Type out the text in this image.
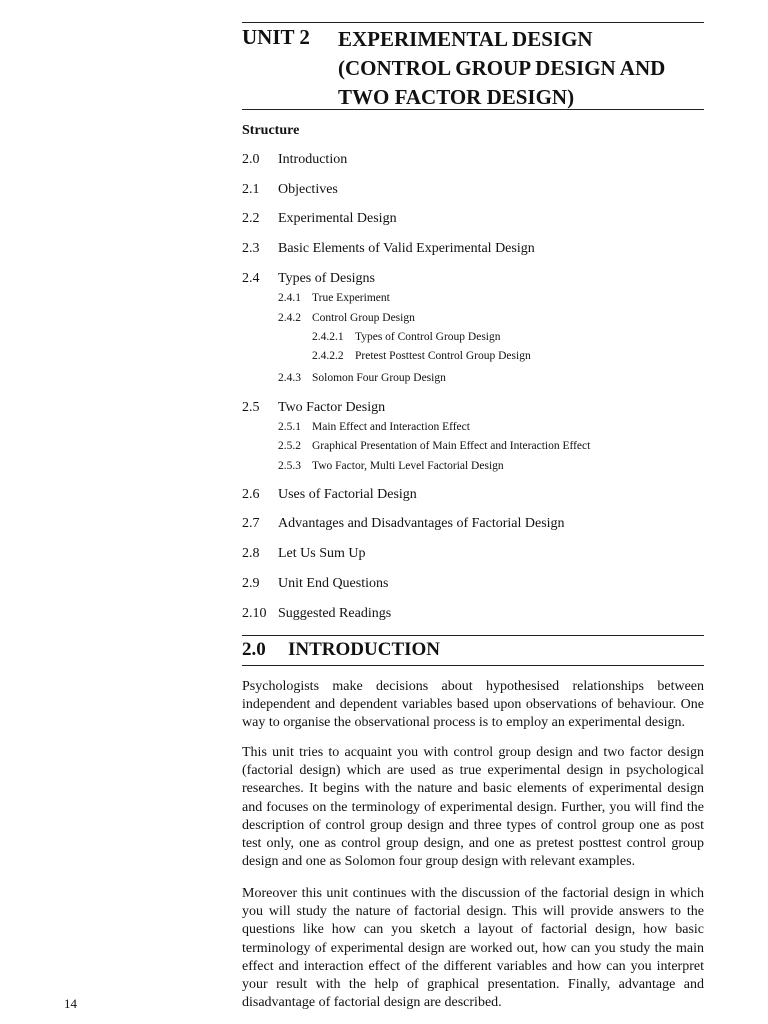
UNIT 2 EXPERIMENTAL DESIGN
(CONTROL GROUP DESIGN AND
TWO FACTOR DESIGN)
Structure
2.0 Introduction
2.1 Objectives
2.2 Experimental Design
2.3 Basic Elements of Valid Experimental Design
2.4 Types of Designs
2.4.1 True Experiment
2.4.2 Control Group Design
2.4.2.1 Types of Control Group Design
2.4.2.2 Pretest Posttest Control Group Design
2.4.3 Solomon Four Group Design
2.5 Two Factor Design
2.5.1 Main Effect and Interaction Effect
2.5.2 Graphical Presentation of Main Effect and Interaction Effect
2.5.3 Two Factor, Multi Level Factorial Design
2.6 Uses of Factorial Design
2.7 Advantages and Disadvantages of Factorial Design
2.8 Let Us Sum Up
2.9 Unit End Questions
2.10 Suggested Readings
2.0 INTRODUCTION

Psychologists make decisions about hypothesised relationships between independent and dependent variables based upon observations of behaviour. One way to organise the observational process is to employ an experimental design.

This unit tries to acquaint you with control group design and two factor design (factorial design) which are used as true experimental design in psychological researches. It begins with the nature and basic elements of experimental design and focuses on the terminology of experimental design. Further, you will find the description of control group design and three types of control group one as post test only, one as control group design, and one as pretest posttest control group design and one as Solomon four group design with relevant examples.

Moreover this unit continues with the discussion of the factorial design in which you will study the nature of factorial design. This will provide answers to the questions like how can you sketch a layout of factorial design, how basic terminology of experimental design are worked out, how can you study the main effect and interaction effect of the different variables and how can you interpret your result with the help of graphical presentation. Finally, advantage and disadvantage of factorial design are described.

14
